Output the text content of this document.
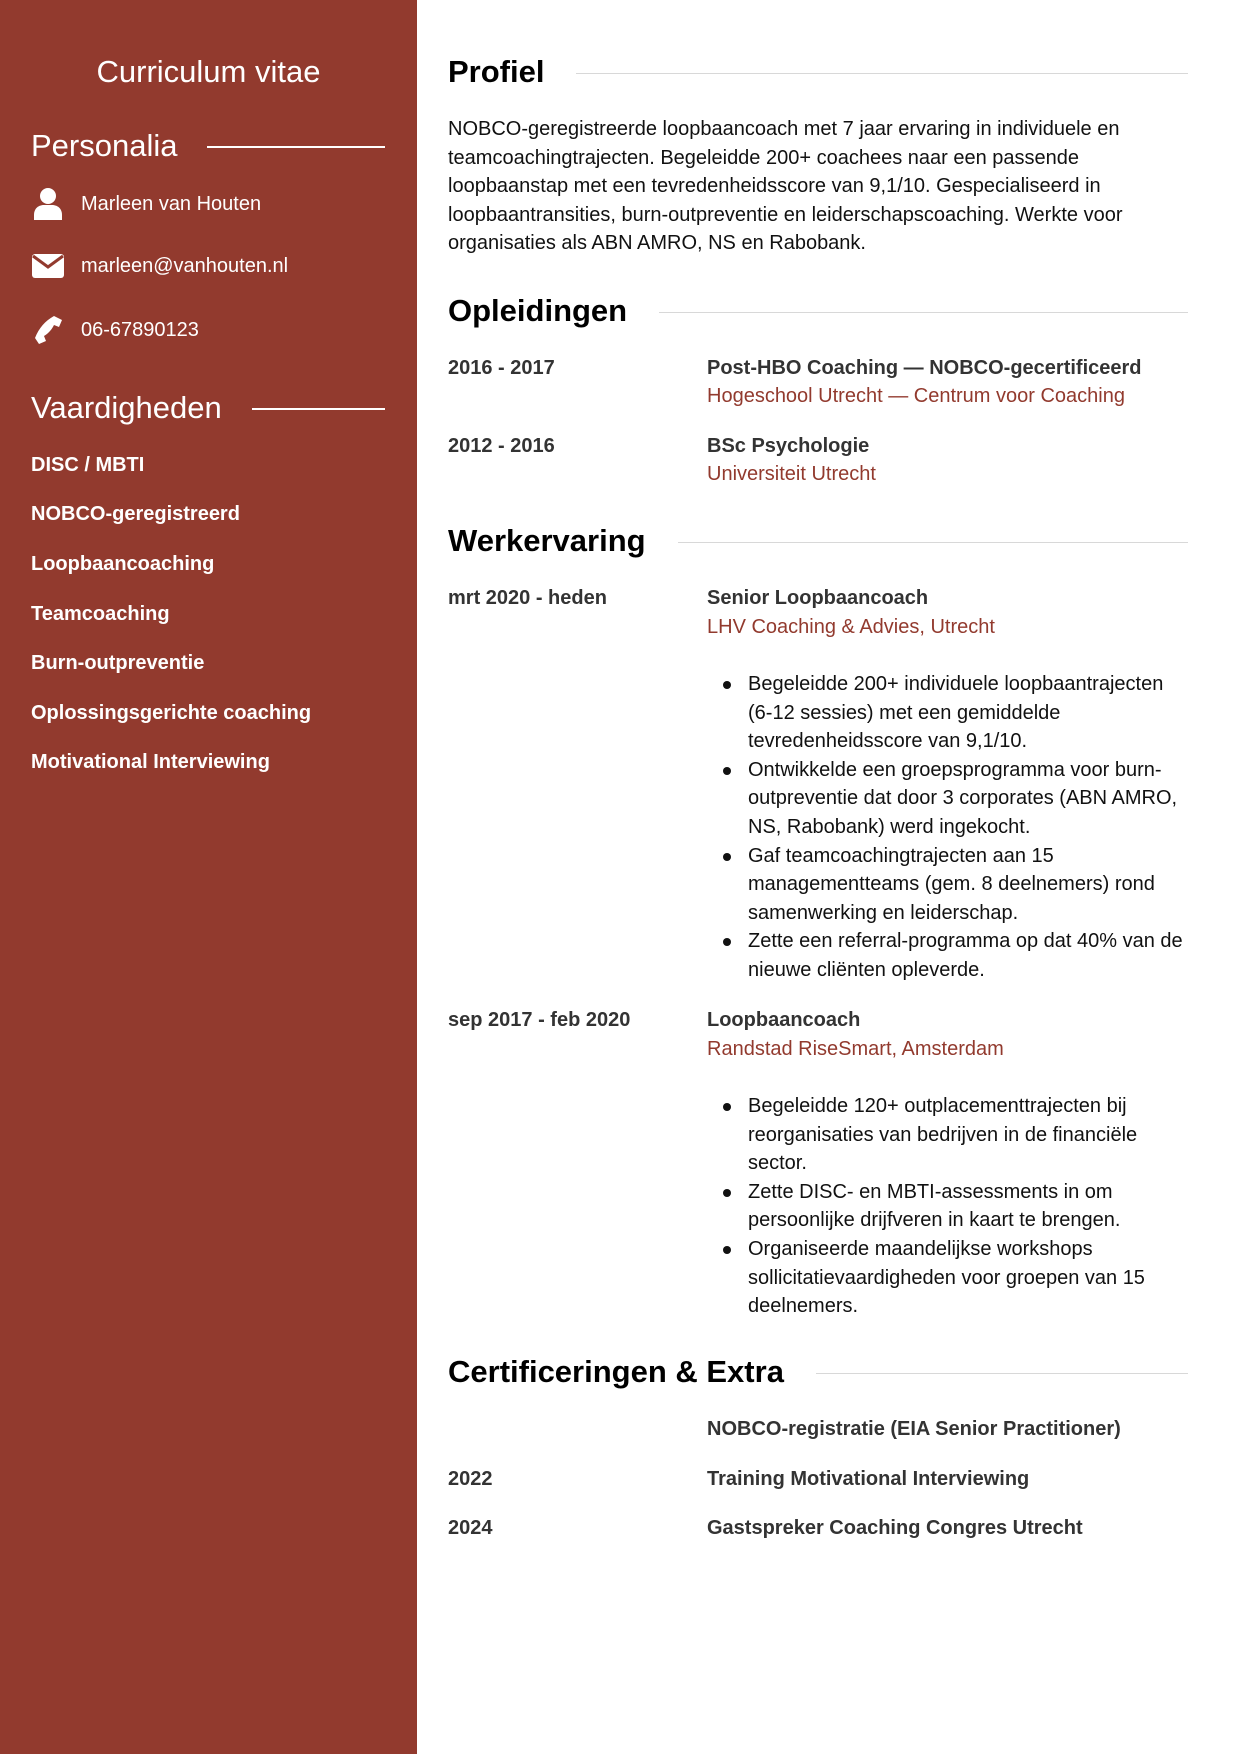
Curriculum vitae
Personalia
Marleen van Houten
marleen@vanhouten.nl
06-67890123
Vaardigheden
DISC / MBTI
NOBCO-geregistreerd
Loopbaancoaching
Teamcoaching
Burn-outpreventie
Oplossingsgerichte coaching
Motivational Interviewing
Profiel
NOBCO-geregistreerde loopbaancoach met 7 jaar ervaring in individuele en teamcoachingtrajecten. Begeleidde 200+ coachees naar een passende loopbaanstap met een tevredenheidsscore van 9,1/10. Gespecialiseerd in loopbaantransities, burn-outpreventie en leiderschapscoaching. Werkte voor organisaties als ABN AMRO, NS en Rabobank.
Opleidingen
2016 - 2017	Post-HBO Coaching — NOBCO-gecertificeerd
Hogeschool Utrecht — Centrum voor Coaching
2012 - 2016	BSc Psychologie
Universiteit Utrecht
Werkervaring
mrt 2020 - heden	Senior Loopbaancoach
LHV Coaching & Advies, Utrecht
Begeleidde 200+ individuele loopbaantrajecten (6-12 sessies) met een gemiddelde tevredenheidsscore van 9,1/10.
Ontwikkelde een groepsprogramma voor burn-outpreventie dat door 3 corporates (ABN AMRO, NS, Rabobank) werd ingekocht.
Gaf teamcoachingtrajecten aan 15 managementteams (gem. 8 deelnemers) rond samenwerking en leiderschap.
Zette een referral-programma op dat 40% van de nieuwe cliënten opleverde.
sep 2017 - feb 2020	Loopbaancoach
Randstad RiseSmart, Amsterdam
Begeleidde 120+ outplacementtrajecten bij reorganisaties van bedrijven in de financiële sector.
Zette DISC- en MBTI-assessments in om persoonlijke drijfveren in kaart te brengen.
Organiseerde maandelijkse workshops sollicitatievaardigheden voor groepen van 15 deelnemers.
Certificeringen & Extra
NOBCO-registratie (EIA Senior Practitioner)
2022	Training Motivational Interviewing
2024	Gastspreker Coaching Congres Utrecht
